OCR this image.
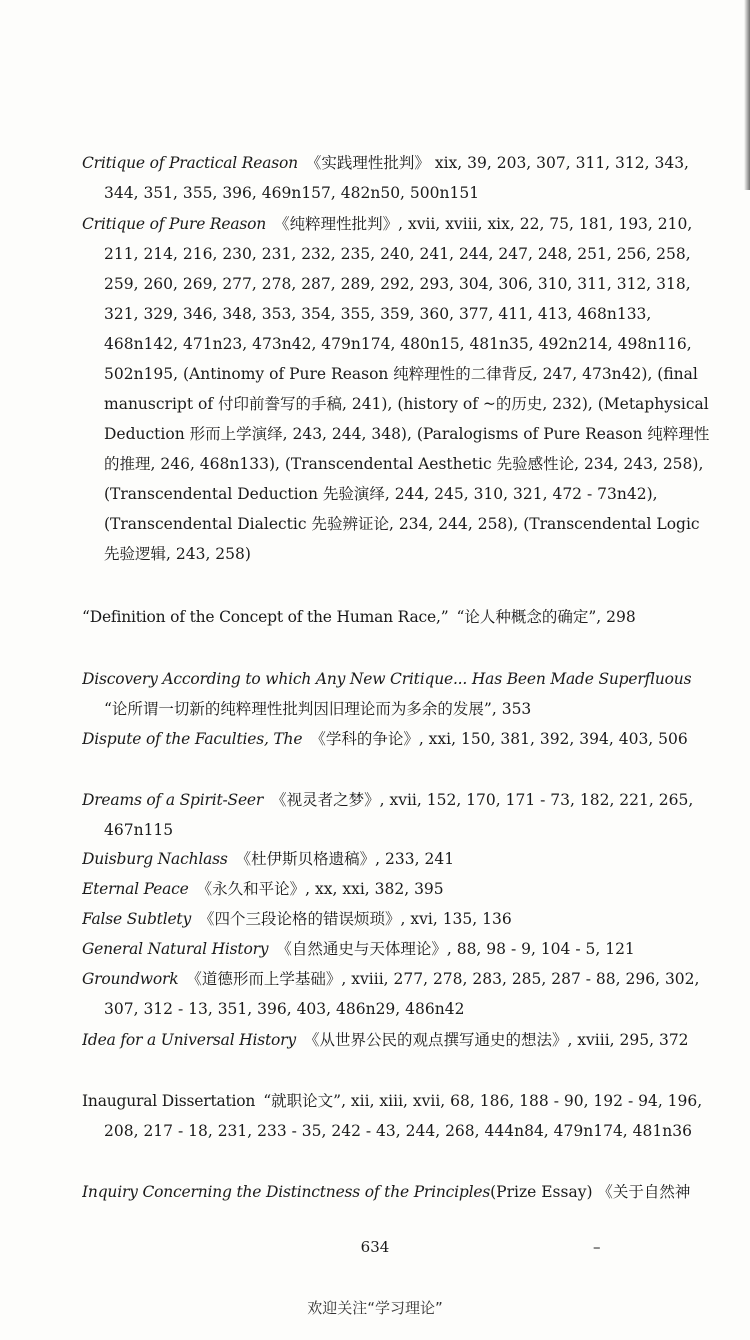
Critique of Practical Reason 《实践理性批判》 xix, 39, 203, 307, 311, 312, 343, 344, 351, 355, 396, 469n157, 482n50, 500n151
Critique of Pure Reason 《纯粹理性批判》, xvii, xviii, xix, 22, 75, 181, 193, 210, 211, 214, 216, 230, 231, 232, 235, 240, 241, 244, 247, 248, 251, 256, 258, 259, 260, 269, 277, 278, 287, 289, 292, 293, 304, 306, 310, 311, 312, 318, 321, 329, 346, 348, 353, 354, 355, 359, 360, 377, 411, 413, 468n133, 468n142, 471n23, 473n42, 479n174, 480n15, 481n35, 492n214, 498n116, 502n195, (Antinomy of Pure Reason 纯粹理性的二律背反, 247, 473n42), (final manuscript of 付印前誊写的手稿, 241), (history of ~的历史, 232), (Metaphysical Deduction 形而上学演绎, 243, 244, 348), (Paralogisms of Pure Reason 纯粹理性的推理, 246, 468n133), (Transcendental Aesthetic 先验感性论, 234, 243, 258), (Transcendental Deduction 先验演绎, 244, 245, 310, 321, 472 - 73n42), (Transcendental Dialectic 先验辨证论, 234, 244, 258), (Transcendental Logic 先验逻辑, 243, 258)
“Definition of the Concept of the Human Race,” “论人种概念的确定”, 298
Discovery According to which Any New Critique... Has Been Made Superfluous“论所谓一切新的纯粹理性批判因旧理论而为多余的发展”, 353
Dispute of the Faculties, The 《学科的争论》, xxi, 150, 381, 392, 394, 403, 506
Dreams of a Spirit-Seer 《视灵者之梦》, xvii, 152, 170, 171 - 73, 182, 221, 265, 467n115
Duisburg Nachlass 《杜伊斯贝格遗稿》, 233, 241
Eternal Peace 《永久和平论》, xx, xxi, 382, 395
False Subtlety 《四个三段论格的错误烦琐》, xvi, 135, 136
General Natural History 《自然通史与天体理论》, 88, 98 - 9, 104 - 5, 121
Groundwork 《道德形而上学基础》, xviii, 277, 278, 283, 285, 287 - 88, 296, 302, 307, 312 - 13, 351, 396, 403, 486n29, 486n42
Idea for a Universal History 《从世界公民的观点撰写通史的想法》, xviii, 295, 372
Inaugural Dissertation “就职论文”, xii, xiii, xvii, 68, 186, 188 - 90, 192 - 94, 196, 208, 217 - 18, 231, 233 - 35, 242 - 43, 244, 268, 444n84, 479n174, 481n36
Inquiry Concerning the Distinctness of the Principles(Prize Essay) 《关于自然神
634	–
欢迎关注“学习理论”
